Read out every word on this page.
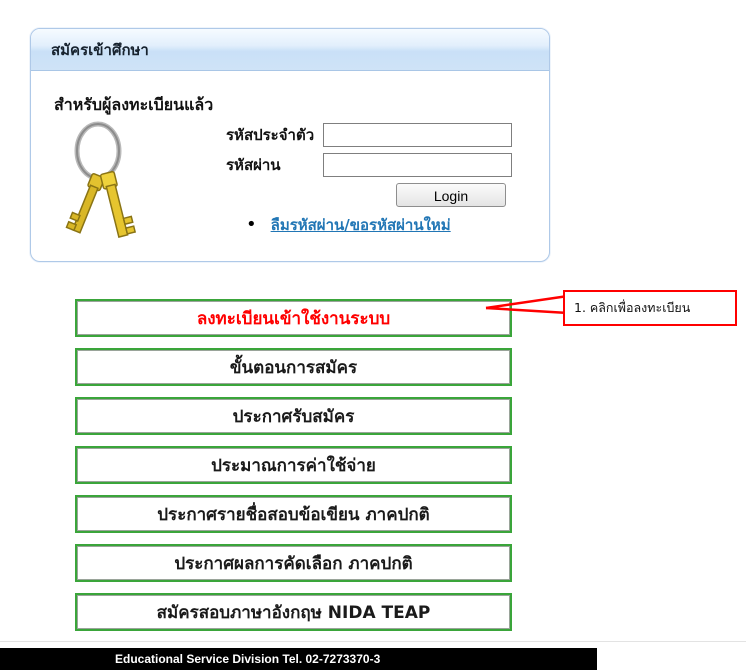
สมัครเข้าศึกษา
สำหรับผู้ลงทะเบียนแล้ว
รหัสประจำตัว
รหัสผ่าน
Login
• ลืมรหัสผ่าน/ขอรหัสผ่านใหม่
ลงทะเบียนเข้าใช้งานระบบ
ขั้นตอนการสมัคร
ประกาศรับสมัคร
ประมาณการค่าใช้จ่าย
ประกาศรายชื่อสอบข้อเขียน ภาคปกติ
ประกาศผลการคัดเลือก ภาคปกติ
สมัครสอบภาษาอังกฤษ NIDA TEAP
1. คลิกเพื่อลงทะเบียน
Educational Service Division Tel. 02-7273370-3
